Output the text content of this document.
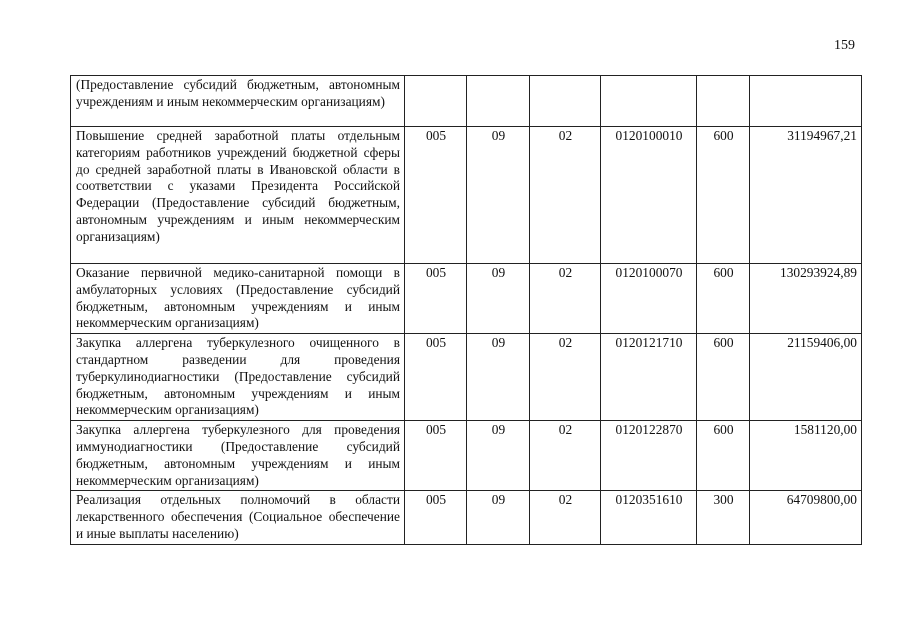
159
(Предоставление субсидий бюджетным, автономным учреждениям и иным некоммерческим организациям)						
Повышение средней заработной платы отдельным категориям работников учреждений бюджетной сферы до средней заработной платы в Ивановской области в соответствии с указами Президента Российской Федерации (Предоставление субсидий бюджетным, автономным учреждениям и иным некоммерческим организациям)	005	09	02	0120100010	600	31194967,21
Оказание первичной медико-санитарной помощи в амбулаторных условиях (Предоставление субсидий бюджетным, автономным учреждениям и иным некоммерческим организациям)	005	09	02	0120100070	600	130293924,89
Закупка аллергена туберкулезного очищенного в стандартном разведении для проведения туберкулинодиагностики (Предоставление субсидий бюджетным, автономным учреждениям и иным некоммерческим организациям)	005	09	02	0120121710	600	21159406,00
Закупка аллергена туберкулезного для проведения иммунодиагностики (Предоставление субсидий бюджетным, автономным учреждениям и иным некоммерческим организациям)	005	09	02	0120122870	600	1581120,00
Реализация отдельных полномочий в области лекарственного обеспечения (Социальное обеспечение и иные выплаты населению)	005	09	02	0120351610	300	64709800,00
